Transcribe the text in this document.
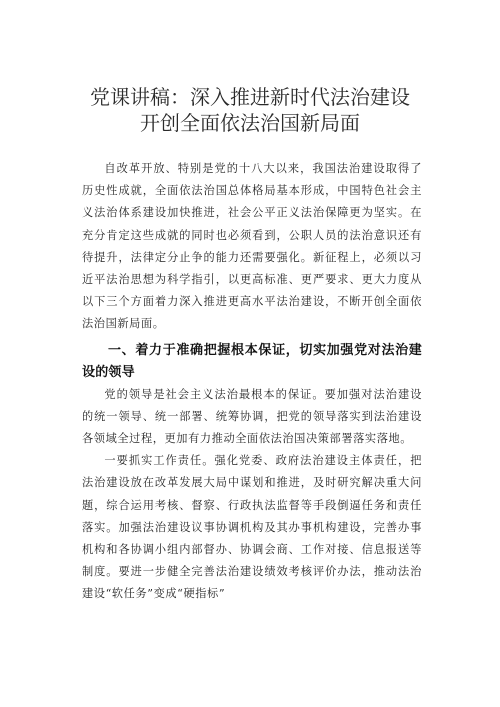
党课讲稿：深入推进新时代法治建设
开创全面依法治国新局面

自改革开放、特别是党的十八大以来，我国法治建设取得了历史性成就，全面依法治国总体格局基本形成，中国特色社会主义法治体系建设加快推进，社会公平正义法治保障更为坚实。在充分肯定这些成就的同时也必须看到，公职人员的法治意识还有待提升，法律定分止争的能力还需要强化。新征程上，必须以习近平法治思想为科学指引，以更高标准、更严要求、更大力度从以下三个方面着力深入推进更高水平法治建设，不断开创全面依法治国新局面。

一、着力于准确把握根本保证，切实加强党对法治建设的领导

党的领导是社会主义法治最根本的保证。要加强对法治建设的统一领导、统一部署、统筹协调，把党的领导落实到法治建设各领域全过程，更加有力推动全面依法治国决策部署落实落地。

一要抓实工作责任。强化党委、政府法治建设主体责任，把法治建设放在改革发展大局中谋划和推进，及时研究解决重大问题，综合运用考核、督察、行政执法监督等手段倒逼任务和责任落实。加强法治建设议事协调机构及其办事机构建设，完善办事机构和各协调小组内部督办、协调会商、工作对接、信息报送等制度。要进一步健全完善法治建设绩效考核评价办法，推动法治建设“软任务”变成“硬指标”
